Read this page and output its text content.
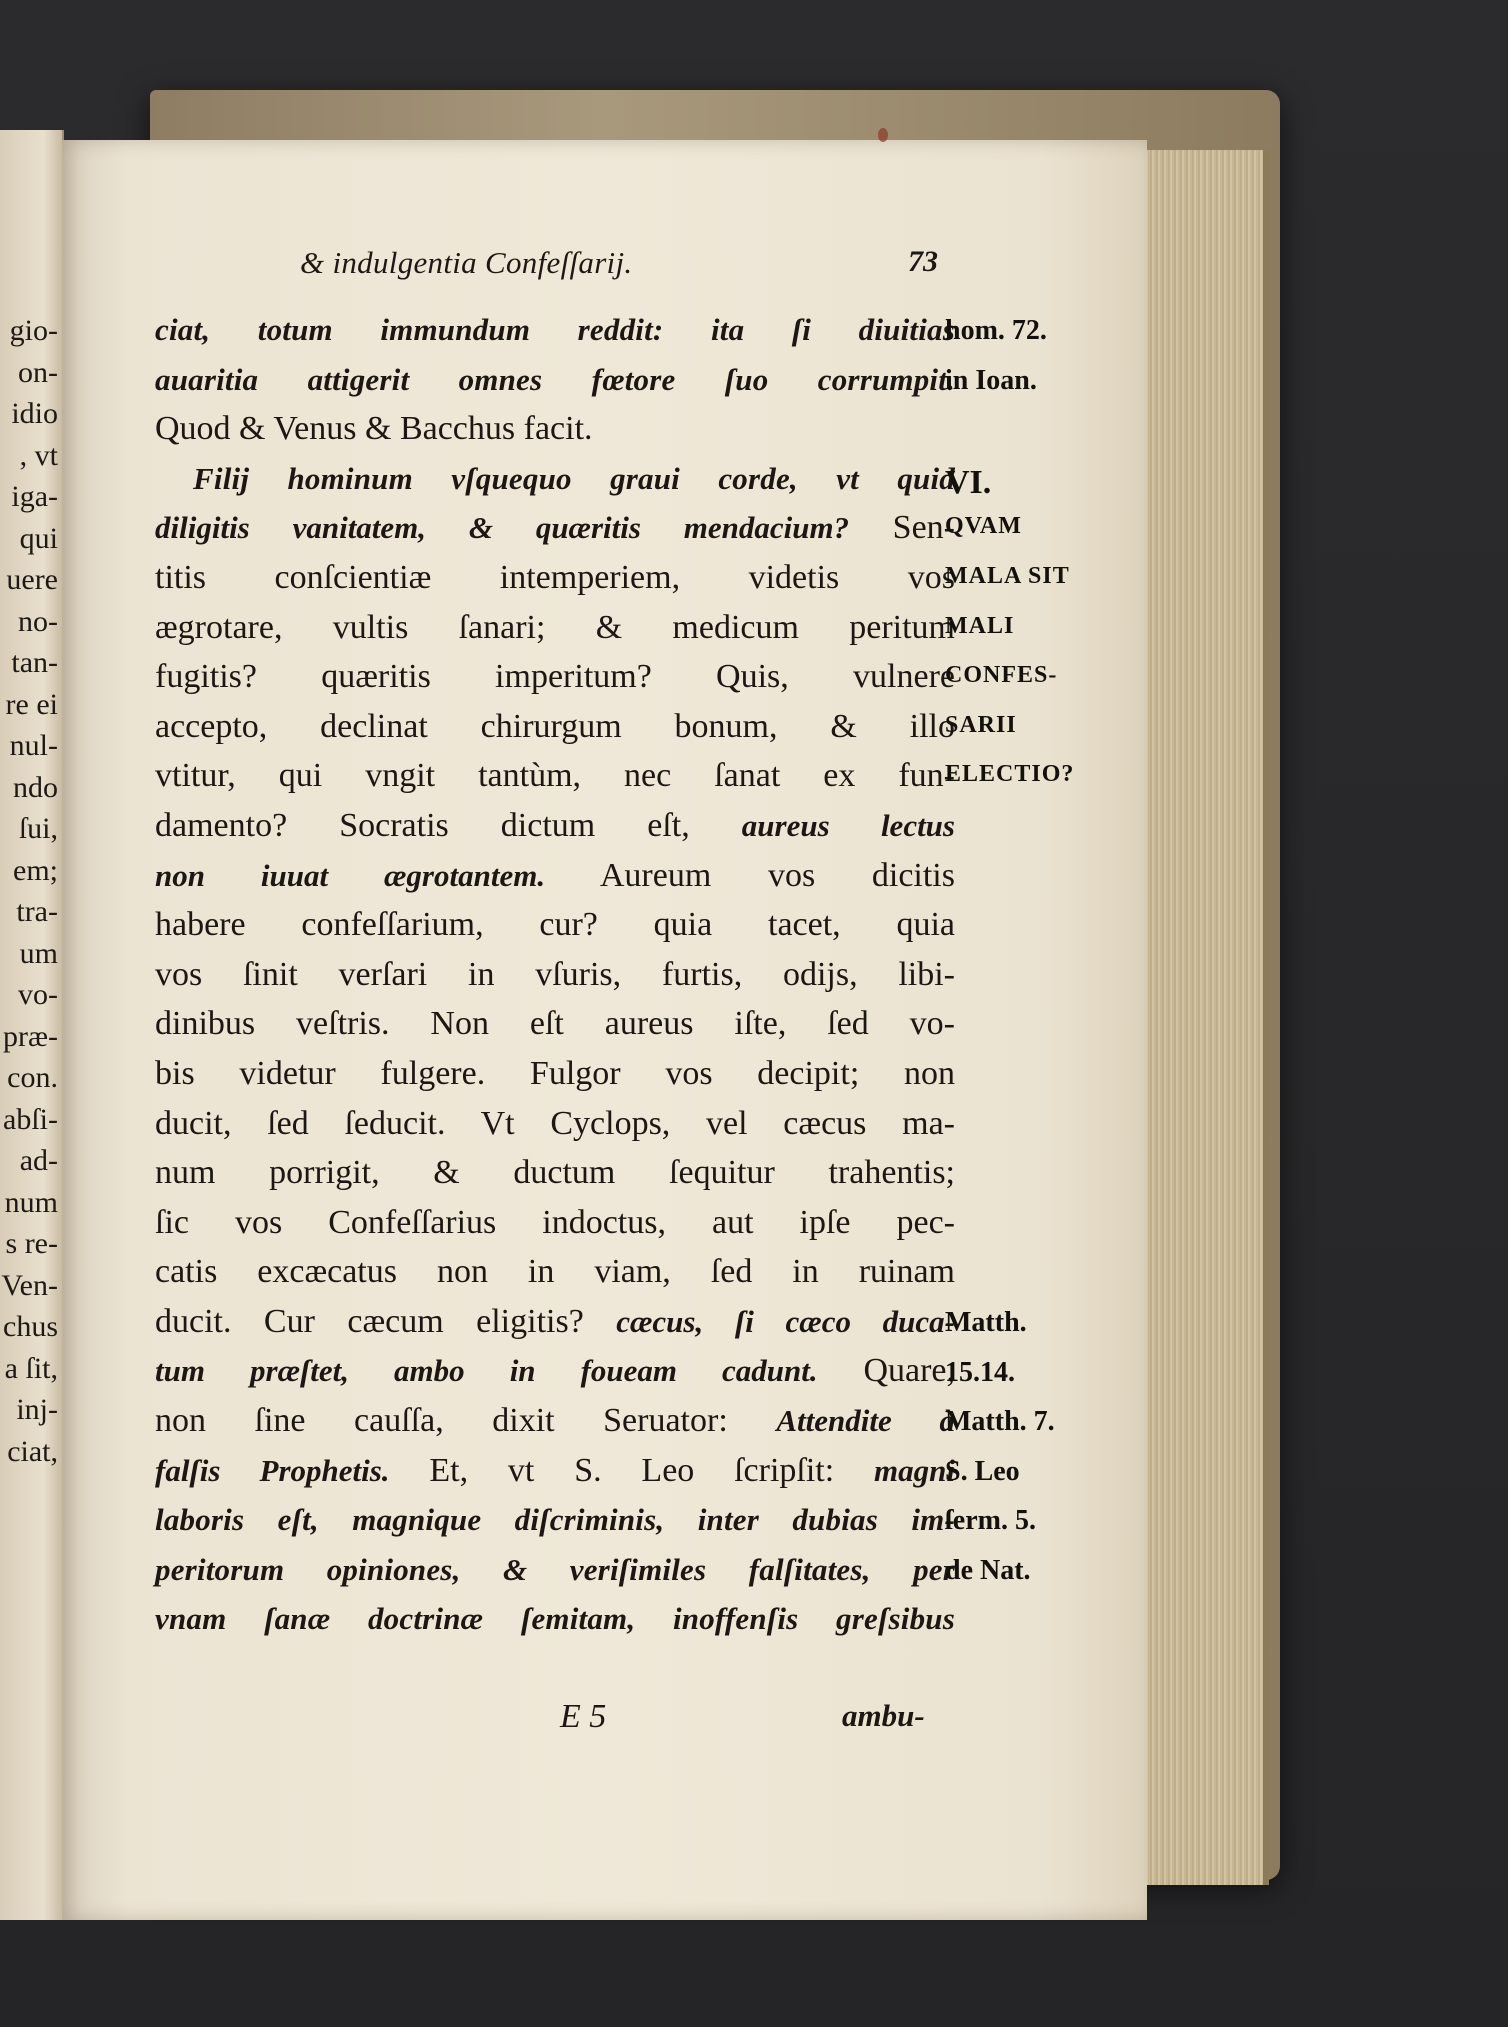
gio-
on-
idio
, vt
iga-
qui
uere
no-
tan-
re ei
nul-
ndo
ſui,
em;
tra-
um
vo-
præ-
con.
abſi-
ad-
num
s re-
Ven-
chus
a ſit,
inj-
ciat,
& indulgentia Confeſſarij.	73
ciat, totum immundum reddit: ita ſi diuitias
auaritia attigerit omnes fœtore ſuo corrumpit.
Quod & Venus & Bacchus facit.
Filij hominum vſquequo graui corde, vt quid
diligitis vanitatem, & quæritis mendacium? Sen-
titis conſcientiæ intemperiem, videtis vos
ægrotare, vultis ſanari; & medicum peritum
fugitis? quæritis imperitum? Quis, vulnere
accepto, declinat chirurgum bonum, & illo
vtitur, qui vngit tantùm, nec ſanat ex fun-
damento? Socratis dictum eſt, aureus lectus
non iuuat ægrotantem. Aureum vos dicitis
habere confeſſarium, cur? quia tacet, quia
vos ſinit verſari in vſuris, furtis, odijs, libi-
dinibus veſtris. Non eſt aureus iſte, ſed vo-
bis videtur fulgere. Fulgor vos decipit; non
ducit, ſed ſeducit. Vt Cyclops, vel cæcus ma-
num porrigit, & ductum ſequitur trahentis;
ſic vos Confeſſarius indoctus, aut ipſe pec-
catis excæcatus non in viam, ſed in ruinam
ducit. Cur cæcum eligitis? cæcus, ſi cæco duca-
tum præſtet, ambo in foueam cadunt. Quare,
non ſine cauſſa, dixit Seruator: Attendite à
falſis Prophetis. Et, vt S. Leo ſcripſit: magni
laboris eſt, magnique diſcriminis, inter dubias im-
peritorum opiniones, & veriſimiles falſitates, per
vnam ſanæ doctrinæ ſemitam, inoffenſis greſsibus
hom. 72.
in Ioan.
VI.
QVAM
MALA SIT
MALI
CONFES-
SARII
ELECTIO?
Matth.
15.14.
Matth. 7.
S. Leo
ſerm. 5.
de Nat.
E 5	ambu-
